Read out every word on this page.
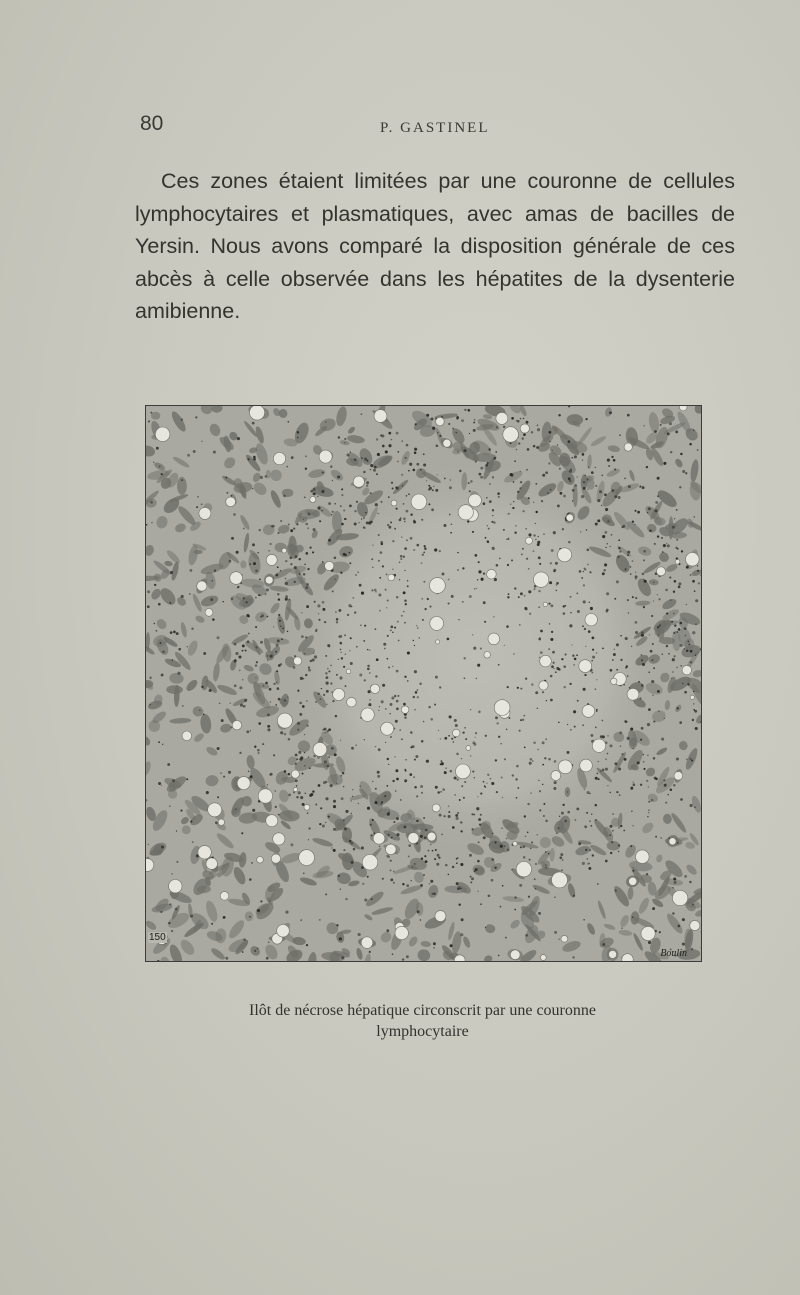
80	P. GASTINEL

Ces zones étaient limitées par une couronne de cellules lymphocytaires et plasmatiques, avec amas de bacilles de Yersin. Nous avons comparé la disposition générale de ces abcès à celle observée dans les hépatites de la dysenterie amibienne.

150
Boulin

Ilôt de nécrose hépatique circonscrit par une couronne
lymphocytaire
